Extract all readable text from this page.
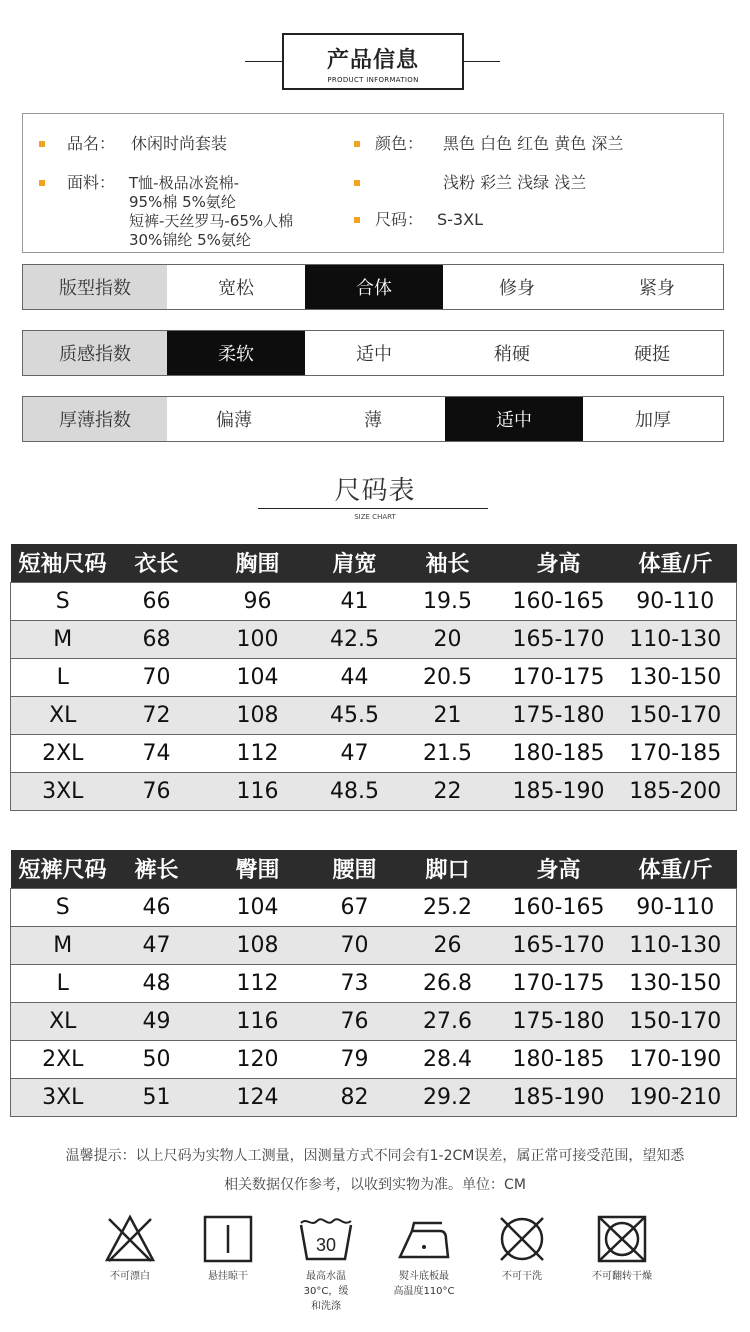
产品信息
PRODUCT INFORMATION
品名： 休闲时尚套装
面料： T恤-极品冰瓷棉-
95%棉 5%氨纶
短裤-天丝罗马-65%人棉
30%锦纶 5%氨纶
颜色： 黑色 白色 红色 黄色 深兰
浅粉 彩兰 浅绿 浅兰
尺码： S-3XL
版型指数	宽松	合体	修身	紧身
质感指数	柔软	适中	稍硬	硬挺
厚薄指数	偏薄	薄	适中	加厚
尺码表
SIZE CHART
短袖尺码	衣长	胸围	肩宽	袖长	身高	体重/斤
S	66	96	41	19.5	160-165	90-110
M	68	100	42.5	20	165-170	110-130
L	70	104	44	20.5	170-175	130-150
XL	72	108	45.5	21	175-180	150-170
2XL	74	112	47	21.5	180-185	170-185
3XL	76	116	48.5	22	185-190	185-200
短裤尺码	裤长	臀围	腰围	脚口	身高	体重/斤
S	46	104	67	25.2	160-165	90-110
M	47	108	70	26	165-170	110-130
L	48	112	73	26.8	170-175	130-150
XL	49	116	76	27.6	175-180	150-170
2XL	50	120	79	28.4	180-185	170-190
3XL	51	124	82	29.2	185-190	190-210
温馨提示：以上尺码为实物人工测量，因测量方式不同会有1-2CM误差，属正常可接受范围，望知悉
相关数据仅作参考，以收到实物为准。单位：CM
不可漂白	悬挂晾干
30
最高水温
30°C，缓
和洗涤
熨斗底板最
高温度110°C
不可干洗	不可翻转干燥
